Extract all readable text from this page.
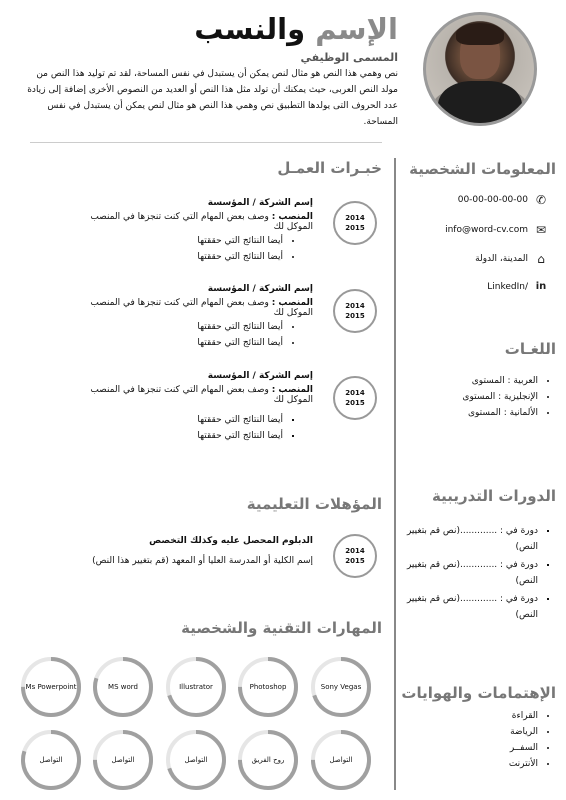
الإسم والنسب
المسمى الوظيفي
نص وهمي هذا النص هو مثال لنص يمكن أن يستبدل في نفس المساحة، لقد تم توليد هذا النص من مولد النص العربى، حيث يمكنك أن تولد مثل هذا النص أو العديد من النصوص الأخرى إضافة إلى زيادة عدد الحروف التى يولدها التطبيق نص وهمي هذا النص هو مثال لنص يمكن أن يستبدل في نفس المساحة.
المعلومات الشخصية
✆
00-00-00-00-00
✉
info@word-cv.com
⌂
المدينة، الدولة
in
LinkedIn/
اللغـات
• العربية : المستوى
• الإنجليزية : المستوى
• الألمانية : المستوى
الدورات التدريبية
▪ دورة في : .............(نص قم بتغيير النص)
▪ دورة في : .............(نص قم بتغيير النص)
▪ دورة في : .............(نص قم بتغيير النص)
الإهتمامات والهوايات
• القراءة
• الرياضة
• السفــر
• الأنترنت
خبـرات العمـل
2014
2015
إسم الشركة / المؤسسة
المنصب : وصف بعض المهام التي كنت تنجزها في المنصب الموكل لك
• أيضا النتائج التي حققتها
• أيضا النتائج التي حققتها
2014
2015
إسم الشركة / المؤسسة
المنصب : وصف بعض المهام التي كنت تنجزها في المنصب الموكل لك
• أيضا النتائج التي حققتها
• أيضا النتائج التي حققتها
2014
2015
إسم الشركة / المؤسسة
المنصب : وصف بعض المهام التي كنت تنجزها في المنصب الموكل لك
▪ أيضا النتائج التي حققتها
▪ أيضا النتائج التي حققتها
المؤهلات التعليمية
2014
2015
الدبلوم المحصل عليه وكذلك التخصص
إسم الكلية أو المدرسة العليا أو المعهد (قم بتغيير هذا النص)
المهارات التقنية والشخصية
Sony Vegas
Photoshop
Illustrator
MS word
Ms Powerpoint
التواصل
روح الفريق
التواصل
التواصل
التواصل
